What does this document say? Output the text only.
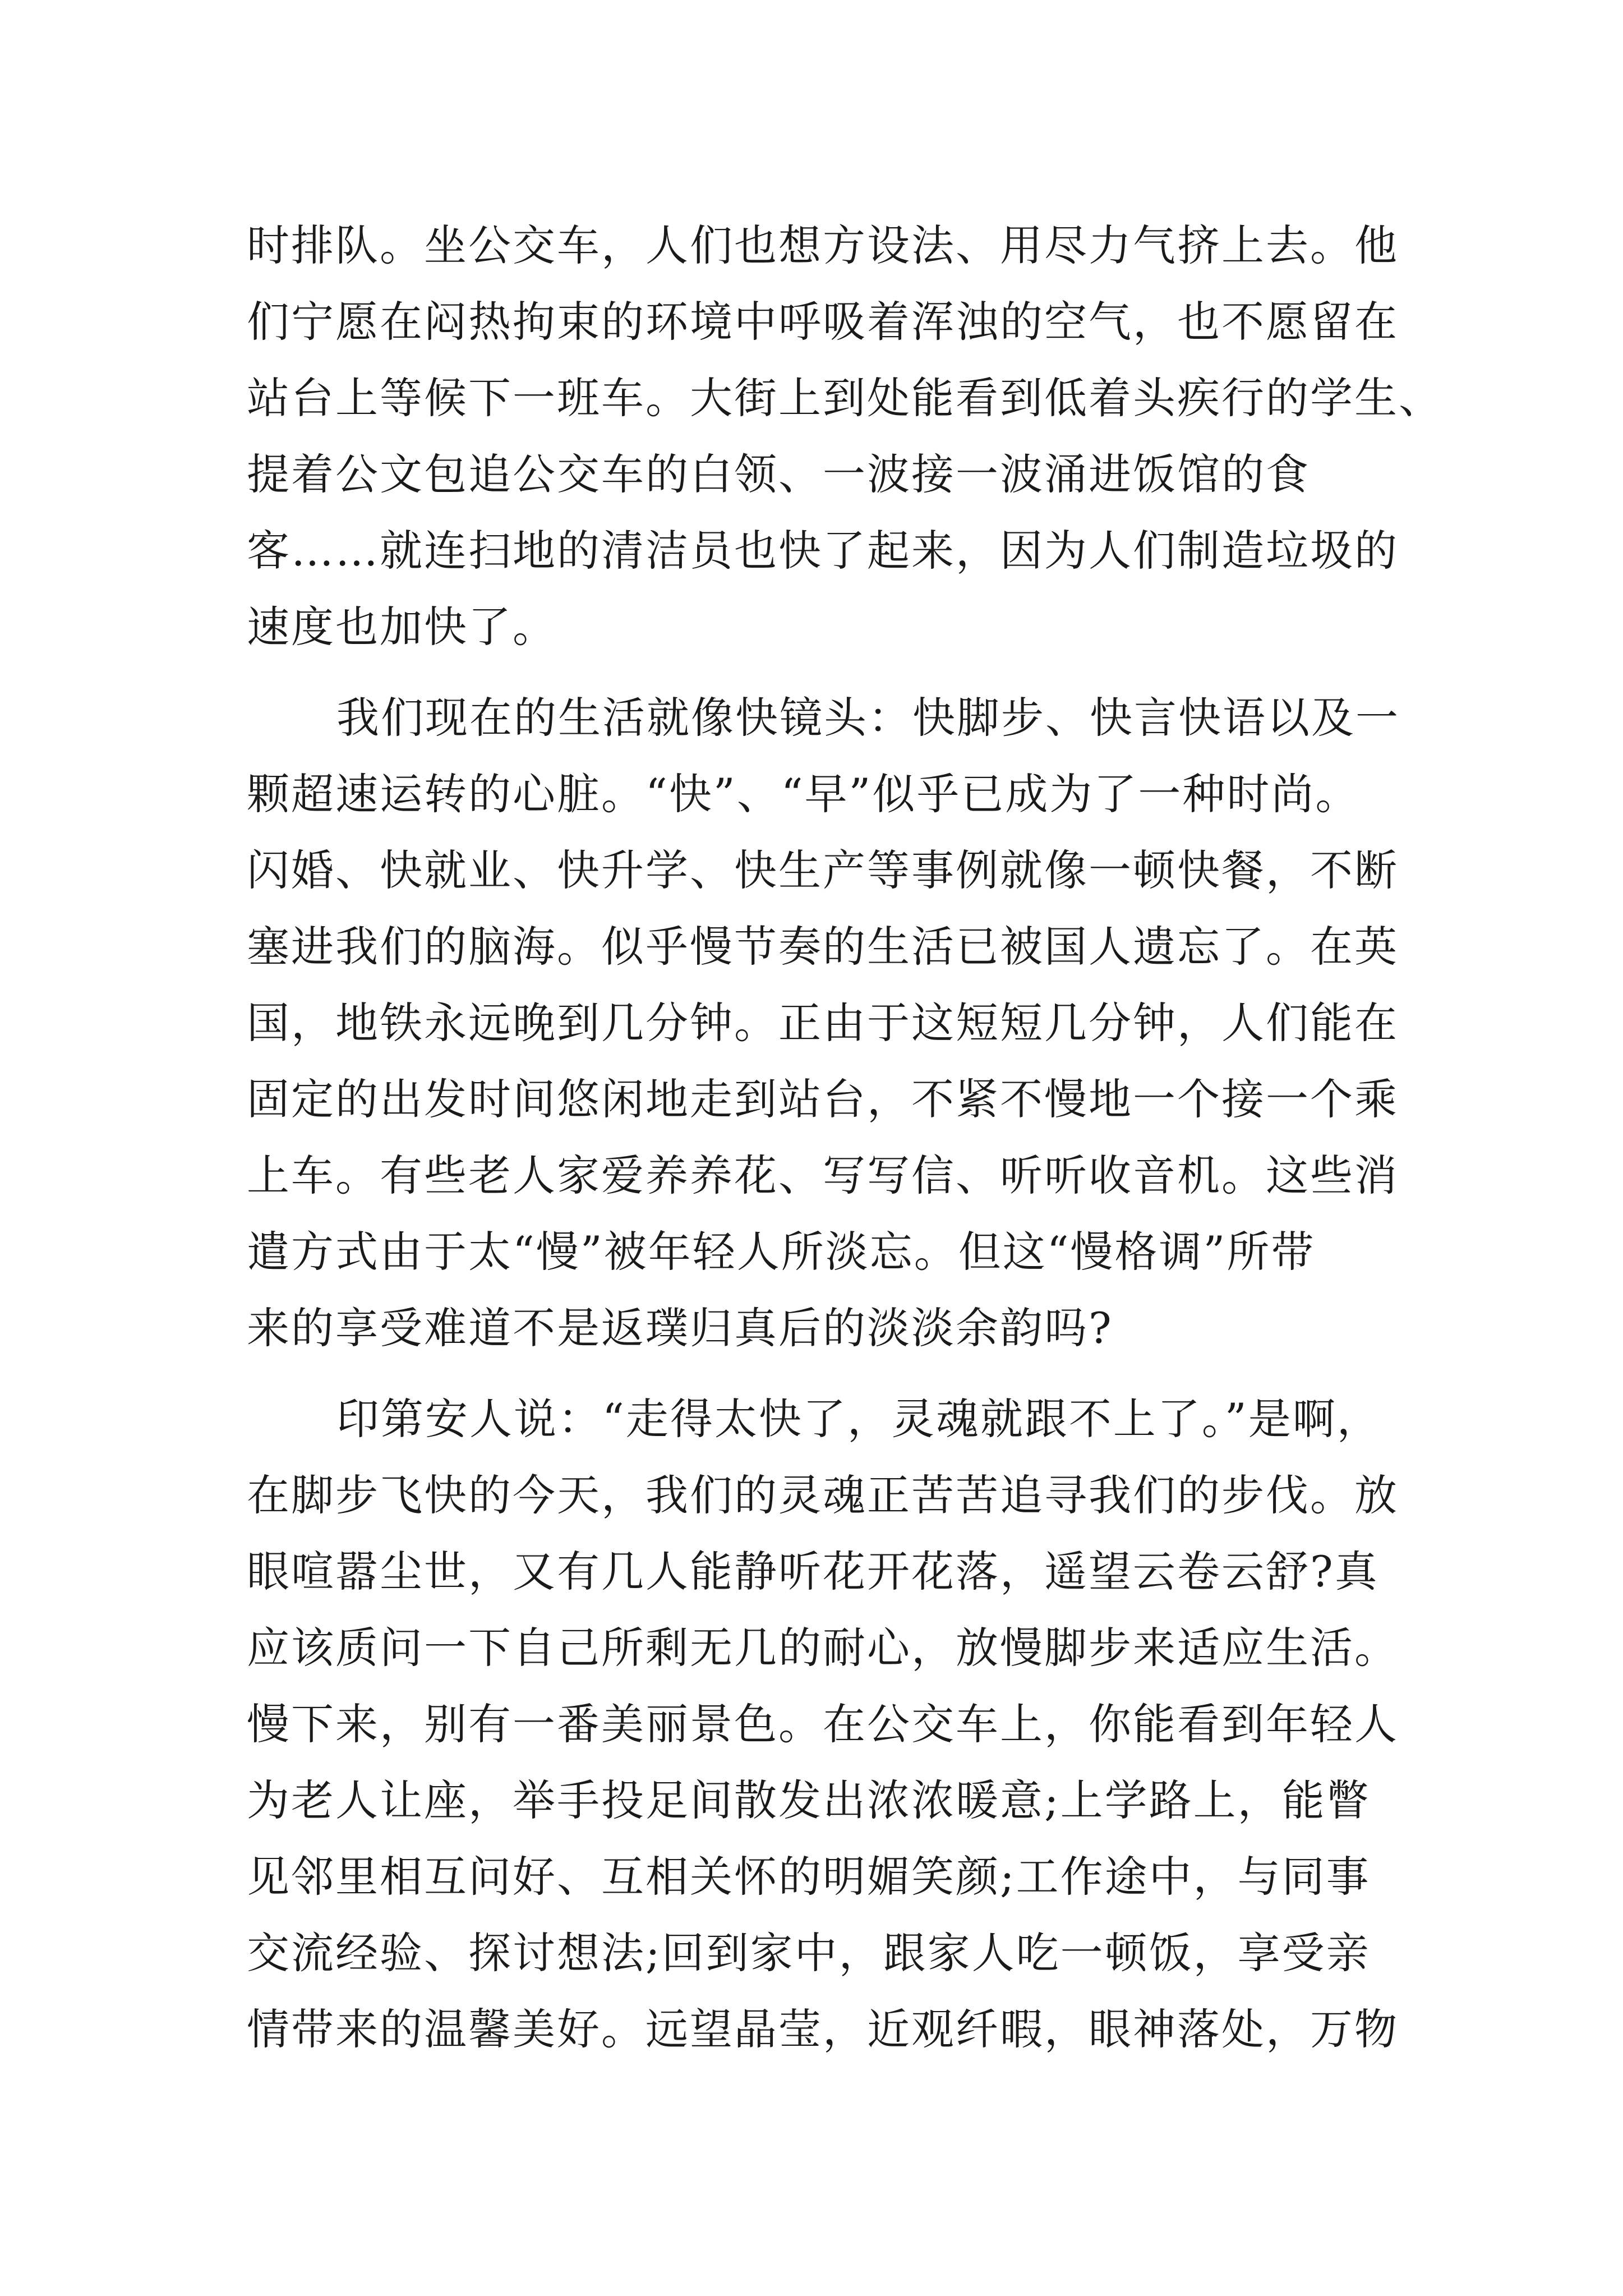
时排队。坐公交车，人们也想方设法、用尽力气挤上去。他
们宁愿在闷热拘束的环境中呼吸着浑浊的空气，也不愿留在
站台上等候下一班车。大街上到处能看到低着头疾行的学生、
提着公文包追公交车的白领、一波接一波涌进饭馆的食
客……就连扫地的清洁员也快了起来，因为人们制造垃圾的
速度也加快了。
我们现在的生活就像快镜头：快脚步、快言快语以及一
颗超速运转的心脏。“快”、“早”似乎已成为了一种时尚。
闪婚、快就业、快升学、快生产等事例就像一顿快餐，不断
塞进我们的脑海。似乎慢节奏的生活已被国人遗忘了。在英
国，地铁永远晚到几分钟。正由于这短短几分钟，人们能在
固定的出发时间悠闲地走到站台，不紧不慢地一个接一个乘
上车。有些老人家爱养养花、写写信、听听收音机。这些消
遣方式由于太“慢”被年轻人所淡忘。但这“慢格调”所带
来的享受难道不是返璞归真后的淡淡余韵吗?
印第安人说：“走得太快了，灵魂就跟不上了。”是啊，
在脚步飞快的今天，我们的灵魂正苦苦追寻我们的步伐。放
眼喧嚣尘世，又有几人能静听花开花落，遥望云卷云舒?真
应该质问一下自己所剩无几的耐心，放慢脚步来适应生活。
慢下来，别有一番美丽景色。在公交车上，你能看到年轻人
为老人让座，举手投足间散发出浓浓暖意;上学路上，能瞥
见邻里相互问好、互相关怀的明媚笑颜;工作途中，与同事
交流经验、探讨想法;回到家中，跟家人吃一顿饭，享受亲
情带来的温馨美好。远望晶莹，近观纤暇，眼神落处，万物
